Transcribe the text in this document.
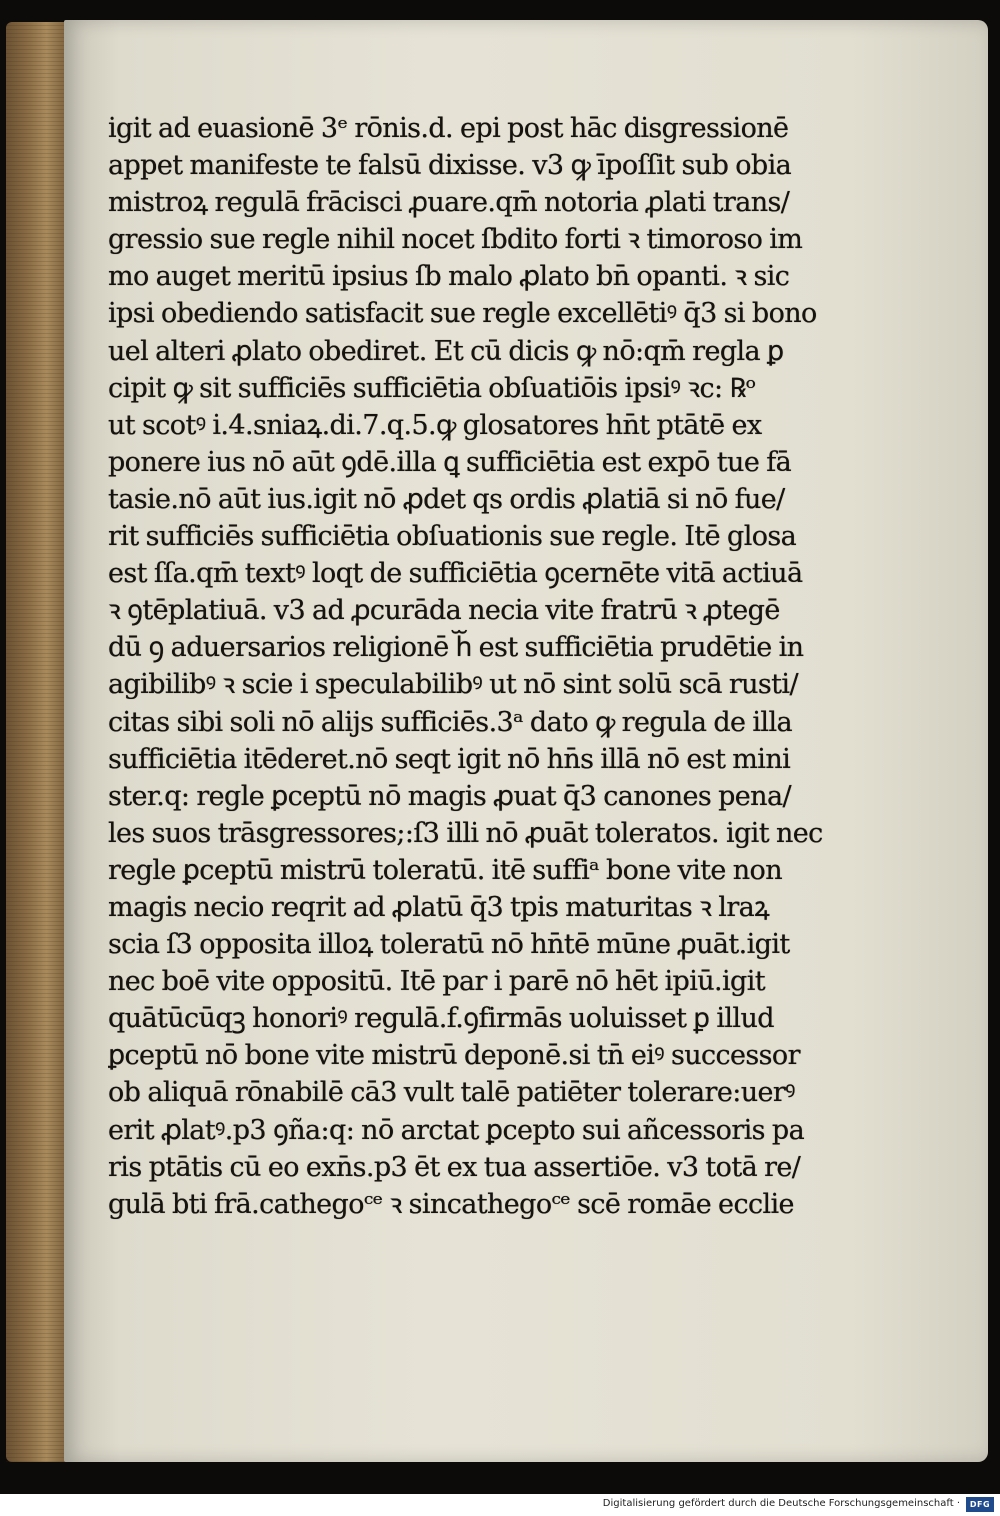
igit ad euasionē 3ᵉ rōnis.d. epi post hāc disgressionē
appet manifeste te falsū dixisse. v3 ꝙ īpoſſit sub obia
mistroꝝ regulā frācisci ꝓuare.qm̄ notoria ꝓlati trans/
gressio sue regle nihil nocet ſbdito forti ꝛ timoroso im
mo auget meritū ipsius ſb malo ꝓlato bn̄ opanti. ꝛ sic
ipsi obediendo satisfacit sue regle excellētiꝰ q̄3 si bono
uel alteri ꝓlato obediret. Et cū dicis ꝙ nō:qm̄ regla ꝑ
cipit ꝙ sit sufficiēs sufficiētia obſuatiōis ipsiꝰ ꝛc: ℞ᵒ
ut scotꝰ i.4.sniaꝝ.di.7.q.5.ꝙ glosatores hn̄t ptātē ex
ponere ius nō aūt ꝯdē.illa ꝗ sufficiētia est expō tue fā
tasie.nō aūt ius.igit nō ꝓdet qs ordis ꝓlatiā si nō fue/
rit sufficiēs sufficiētia obſuationis sue regle. Itē glosa
est ſſa.qm̄ textꝰ loqt de sufficiētia ꝯcernēte vitā actiuā
ꝛ ꝯtēplatiuā. v3 ad ꝓcurāda necia vite fratrū ꝛ ꝓtegē
dū ꝯ aduersarios religionē hᷓ est sufficiētia prudētie in
agibilibꝰ ꝛ scie i speculabilibꝰ ut nō sint solū scā rusti/
citas sibi soli nō alijs sufficiēs.3ᵃ dato ꝙ regula de illa
sufficiētia itēderet.nō seqt igit nō hn̄s illā nō est mini
ster.q: regle ꝑceptū nō magis ꝓuat q̄3 canones pena/
les suos trāsgressores;:ſ3 illi nō ꝓuāt toleratos. igit nec
regle ꝑceptū mistrū toleratū. itē suffiᵃ bone vite non
magis necio reqrit ad ꝓlatū q̄3 tpis maturitas ꝛ lraꝝ
scia ſ3 opposita illoꝝ toleratū nō hn̄tē mūne ꝓuāt.igit
nec boē vite oppositū. Itē par i parē nō hēt ipiū.igit
quātūcūqꝫ honoriꝰ regulā.f.ꝯfirmās uoluisset ꝑ illud
ꝑceptū nō bone vite mistrū deponē.si tn̄ eiꝰ successor
ob aliquā rōnabilē cā3 vult talē patiēter tolerare:uerꝰ
erit ꝓlatꝰ.p3 ꝯña:q: nō arctat ꝑcepto sui añcessoris pa
ris ptātis cū eo exn̄s.p3 ēt ex tua assertiōe. v3 totā re/
gulā bti frā.cathegoᶜᵉ ꝛ sincathegoᶜᵉ scē romāe ecclie
Digitalisierung gefördert durch die Deutsche Forschungsgemeinschaft ·	DFG
